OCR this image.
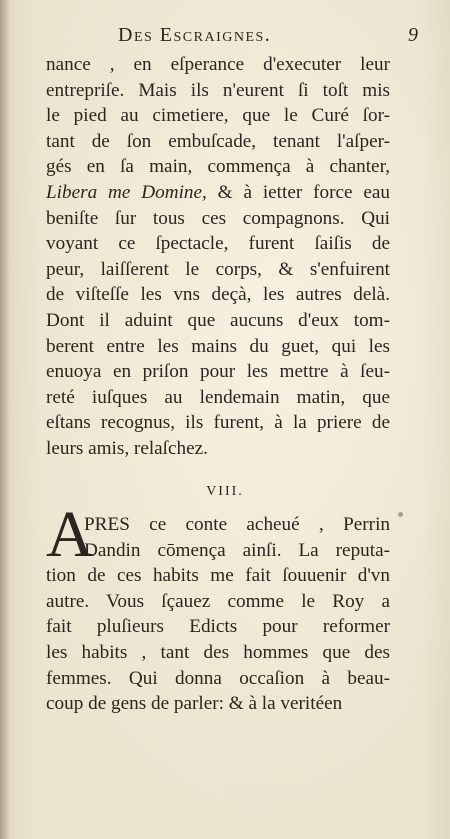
Des Escraignes.	9
nance , en eſperance d'executer leur
entrepriſe. Mais ils n'eurent ſi toſt mis
le pied au cimetiere, que le Curé ſor-
tant de ſon embuſcade, tenant l'aſper-
gés en ſa main, commença à chanter,
Libera me Domine, & à ietter force eau
beniſte ſur tous ces compagnons. Qui
voyant ce ſpectacle, furent ſaiſis de
peur, laiſſerent le corps, & s'enfuirent
de viſteſſe les vns deçà, les autres delà.
Dont il aduint que aucuns d'eux tom-
berent entre les mains du guet, qui les
enuoya en priſon pour les mettre à ſeu-
reté iuſques au lendemain matin, que
eſtans recognus, ils furent, à la priere de
leurs amis, relaſchez.
VIII.
A
PRES ce conte acheué , Perrin
Dandin cōmença ainſi. La reputa-
tion de ces habits me fait ſouuenir d'vn
autre. Vous ſçauez comme le Roy a
fait pluſieurs Edicts pour reformer
les habits , tant des hommes que des
femmes. Qui donna occaſion à beau-
coup de gens de parler: & à la veritéen
